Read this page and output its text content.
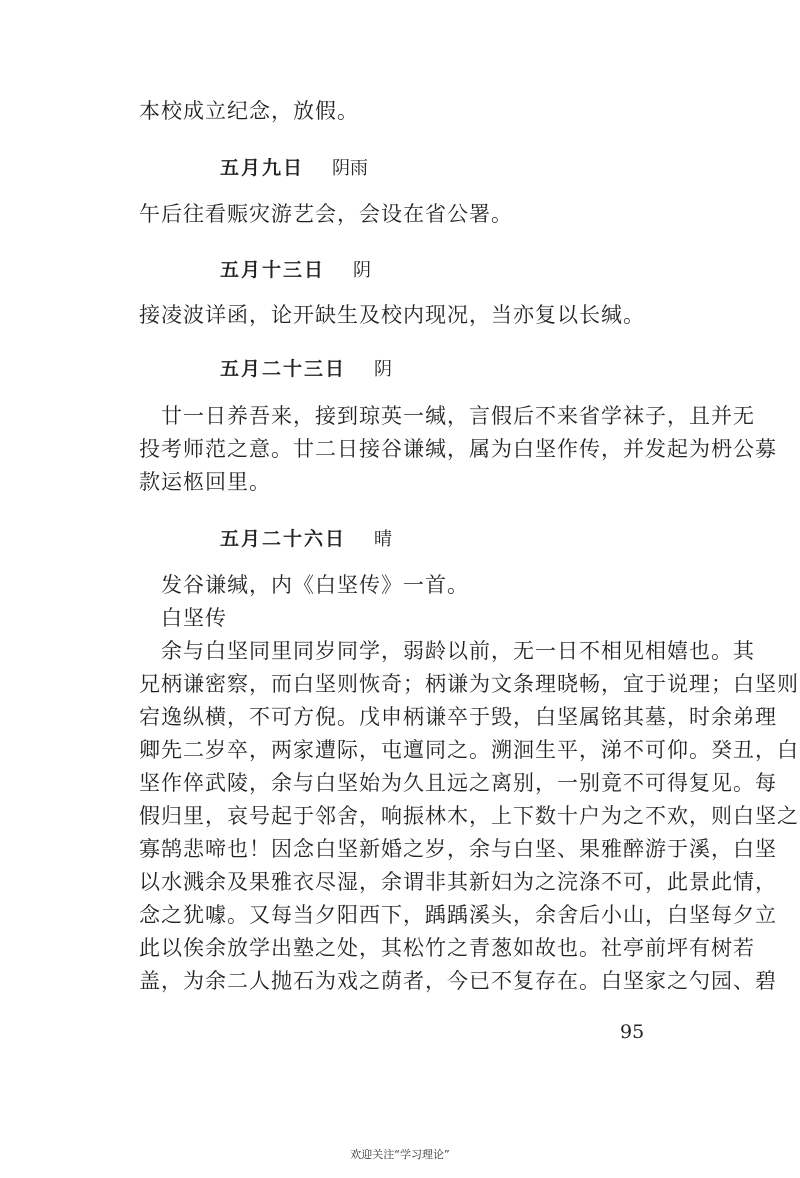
本校成立纪念，放假。
五月九日 阴雨
午后往看赈灾游艺会，会设在省公署。
五月十三日 阴
接凌波详函，论开缺生及校内现况，当亦复以长缄。
五月二十三日 阴
廿一日养吾来，接到琼英一缄，言假后不来省学袜子，且并无
投考师范之意。廿二日接谷谦缄，属为白坚作传，并发起为枬公募
款运柩回里。
五月二十六日 晴
发谷谦缄，内《白坚传》一首。
白坚传
余与白坚同里同岁同学，弱龄以前，无一日不相见相嬉也。其
兄柄谦密察，而白坚则恢奇；柄谦为文条理晓畅，宜于说理；白坚则
宕逸纵横，不可方倪。戊申柄谦卒于毁，白坚属铭其墓，时余弟理
卿先二岁卒，两家遭际，屯邅同之。溯洄生平，涕不可仰。癸丑，白
坚作倅武陵，余与白坚始为久且远之离别，一别竟不可得复见。每
假归里，哀号起于邻舍，响振林木，上下数十户为之不欢，则白坚之
寡鹄悲啼也！因念白坚新婚之岁，余与白坚、果雅醉游于溪，白坚
以水溅余及果雅衣尽湿，余谓非其新妇为之浣涤不可，此景此情，
念之犹噱。又每当夕阳西下，踽踽溪头，余舍后小山，白坚每夕立
此以俟余放学出塾之处，其松竹之青葱如故也。社亭前坪有树若
盖，为余二人抛石为戏之荫者，今已不复存在。白坚家之勺园、碧
95
欢迎关注“学习理论”
